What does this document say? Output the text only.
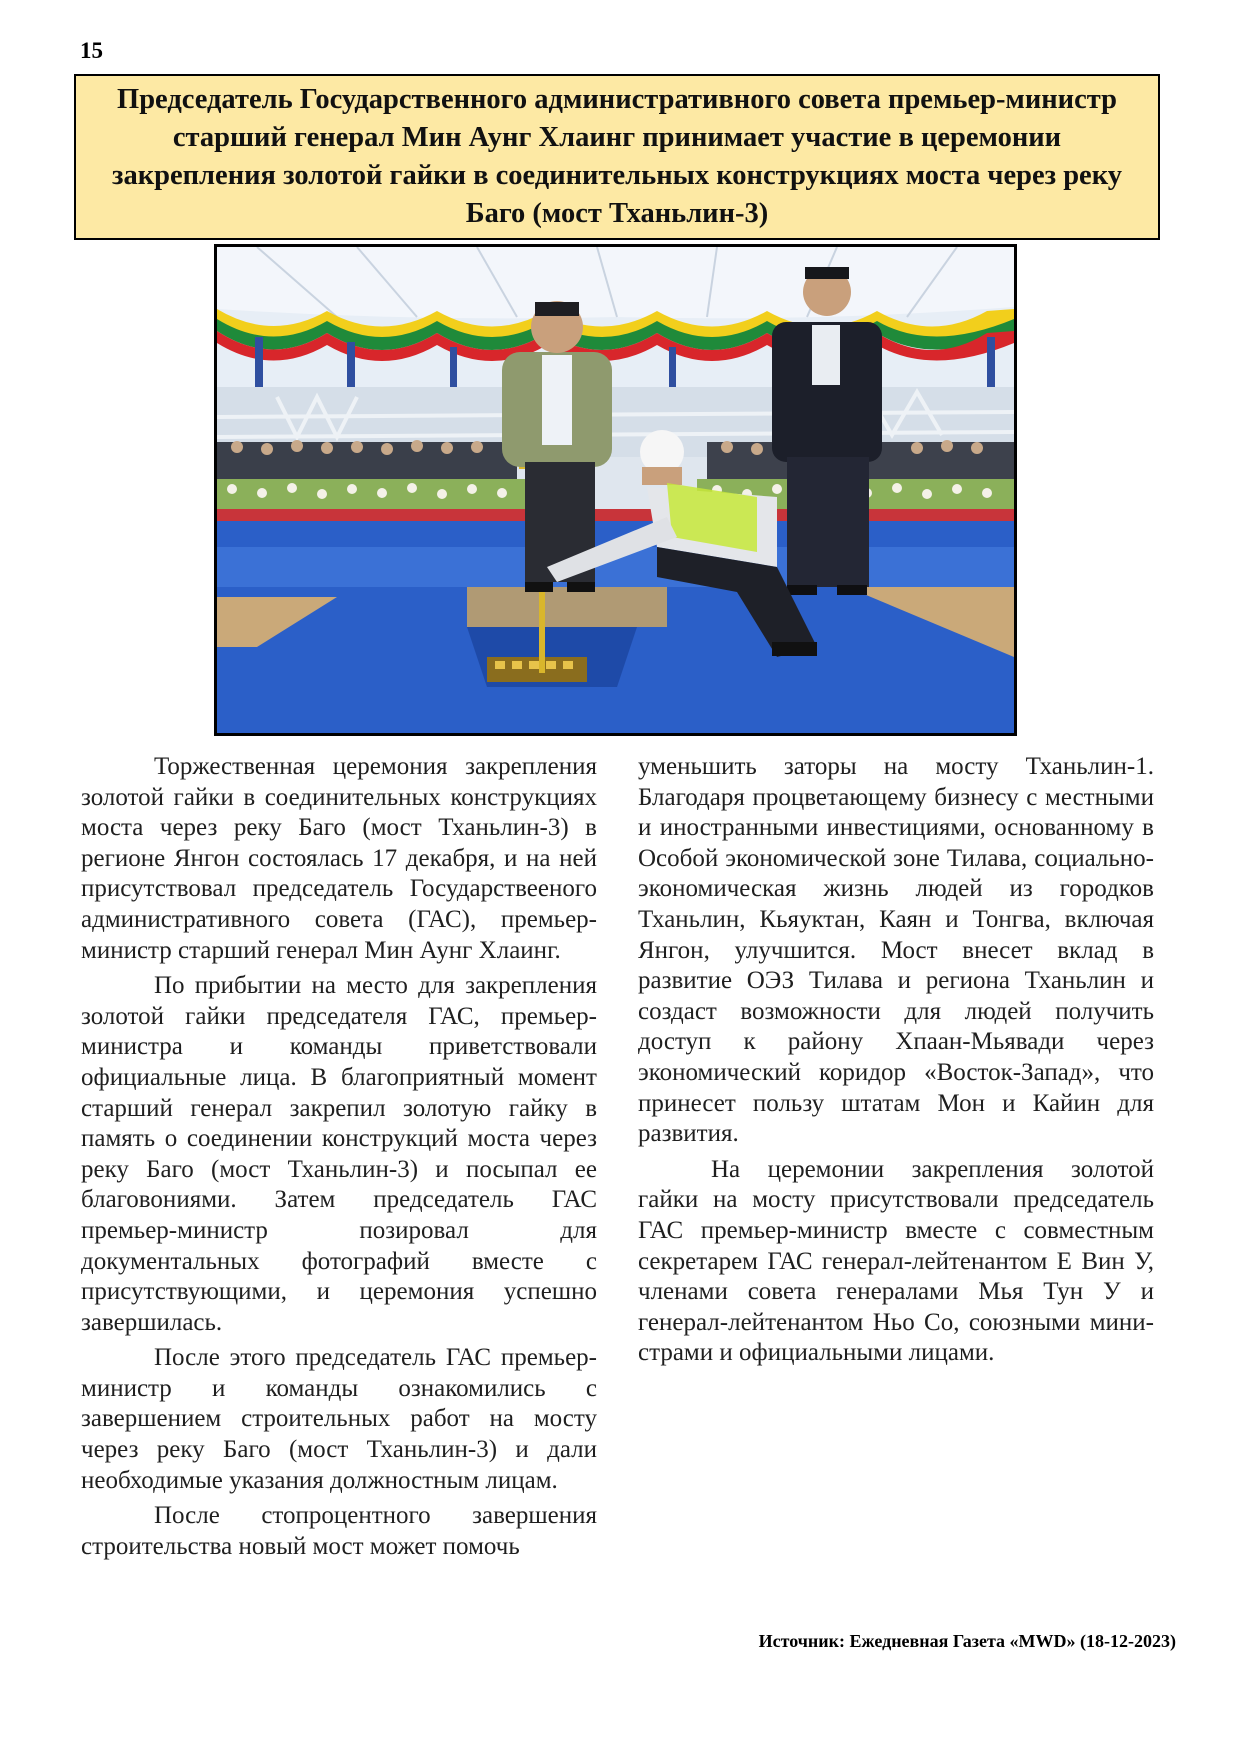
15
Председатель Государственного административного совета премьер-министр старший генерал Мин Аунг Хлаинг принимает участие в церемонии закрепления золотой гайки в соединительных конструкциях моста через реку Баго (мост Тханьлин-3)

Торжественная церемония закрепления золотой гайки в соединительных конструкциях моста через реку Баго (мост Тханьлин-3) в регионе Янгон состоялась 17 декабря, и на ней присутствовал председатель Государствееного административного совета (ГАС), премьер-министр старший генерал Мин Аунг Хлаинг.

По прибытии на место для закрепления золотой гайки председателя ГАС, премьер-министра и команды приветствовали официальные лица. В благоприятный момент старший генерал закрепил золотую гайку в память о соединении конструкций моста через реку Баго (мост Тханьлин-3) и посыпал ее благовониями. Затем председатель ГАС премьер-министр позировал для документальных фотографий вместе с присутствующими, и церемония успешно завершилась.

После этого председатель ГАС премьер-министр и команды ознакомились с завершением строительных работ на мосту через реку Баго (мост Тханьлин-3) и дали необходимые указания должностным лицам.

После стопроцентного завершения строительства новый мост может помочь

уменьшить заторы на мосту Тханьлин-1. Благодаря процветающему бизнесу с местными и иностранными инвестициями, основанному в Особой экономической зоне Тилава, социально-экономическая жизнь людей из городков Тханьлин, Кьяуктан, Каян и Тонгва, включая Янгон, улучшится. Мост внесет вклад в развитие ОЭЗ Тилава и региона Тханьлин и создаст возможности для людей получить доступ к району Хпаан-Мьявади через экономический коридор «Восток-Запад», что принесет пользу штатам Мон и Кайин для развития.

На церемонии закрепления золотой гайки на мосту присутствовали председатель ГАС премьер-министр вместе с совместным секретарем ГАС генерал-лейтенантом Е Вин У, членами совета генералами Мья Тун У и генерал-лейтенантом Ньо Со, союзными министрами и официальными лицами.

Источник: Ежедневная Газета «MWD» (18-12-2023)
